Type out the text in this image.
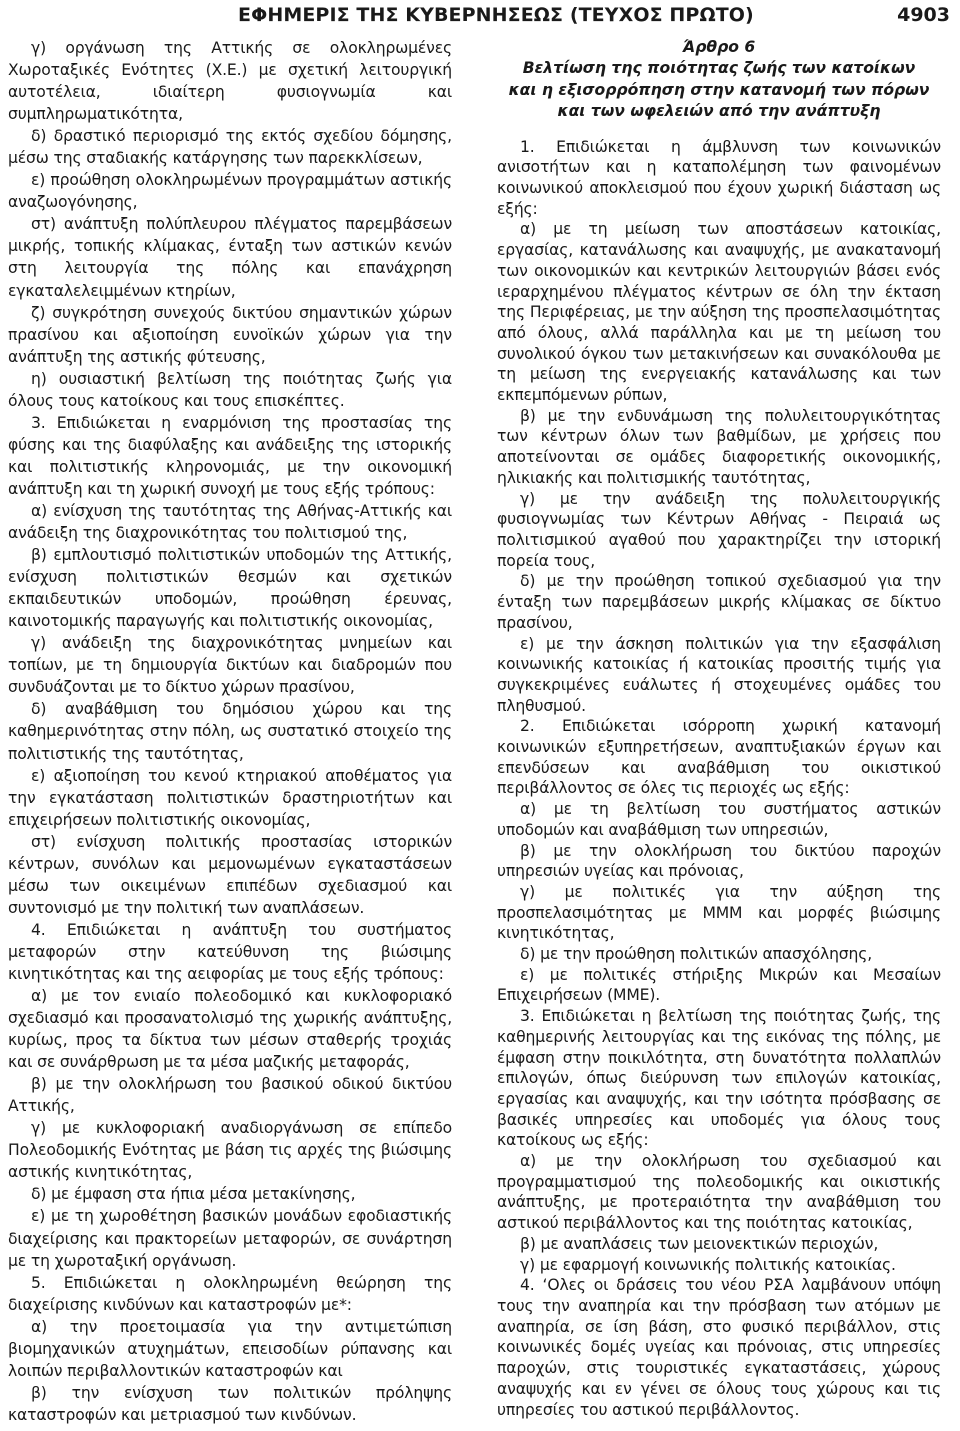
ΕΦΗΜΕΡΙΣ ΤΗΣ ΚΥΒΕΡΝΗΣΕΩΣ (ΤΕΥΧΟΣ ΠΡΩΤΟ)	4903

γ) οργάνωση της Αττικής σε ολοκληρωμένες Χωροταξικές Ενότητες (Χ.Ε.) με σχετική λειτουργική αυτοτέλεια, ιδιαίτερη φυσιογνωμία και συμπληρωματικότητα,

δ) δραστικό περιορισμό της εκτός σχεδίου δόμησης, μέσω της σταδιακής κατάργησης των παρεκκλίσεων,

ε) προώθηση ολοκληρωμένων προγραμμάτων αστικής αναζωογόνησης,

στ) ανάπτυξη πολύπλευρου πλέγματος παρεμβάσεων μικρής, τοπικής κλίμακας, ένταξη των αστικών κενών στη λειτουργία της πόλης και επανάχρηση εγκαταλελειμμένων κτηρίων,

ζ) συγκρότηση συνεχούς δικτύου σημαντικών χώρων πρασίνου και αξιοποίηση ευνοϊκών χώρων για την ανάπτυξη της αστικής φύτευσης,

η) ουσιαστική βελτίωση της ποιότητας ζωής για όλους τους κατοίκους και τους επισκέπτες.

3. Επιδιώκεται η εναρμόνιση της προστασίας της φύσης και της διαφύλαξης και ανάδειξης της ιστορικής και πολιτιστικής κληρονομιάς, με την οικονομική ανάπτυξη και τη χωρική συνοχή με τους εξής τρόπους:

α) ενίσχυση της ταυτότητας της Αθήνας-Αττικής και ανάδειξη της διαχρονικότητας του πολιτισμού της,

β) εμπλουτισμό πολιτιστικών υποδομών της Αττικής, ενίσχυση πολιτιστικών θεσμών και σχετικών εκπαιδευτικών υποδομών, προώθηση έρευνας, καινοτομικής παραγωγής και πολιτιστικής οικονομίας,

γ) ανάδειξη της διαχρονικότητας μνημείων και τοπίων, με τη δημιουργία δικτύων και διαδρομών που συνδυάζονται με το δίκτυο χώρων πρασίνου,

δ) αναβάθμιση του δημόσιου χώρου και της καθημερινότητας στην πόλη, ως συστατικό στοιχείο της πολιτιστικής της ταυτότητας,

ε) αξιοποίηση του κενού κτηριακού αποθέματος για την εγκατάσταση πολιτιστικών δραστηριοτήτων και επιχειρήσεων πολιτιστικής οικονομίας,

στ) ενίσχυση πολιτικής προστασίας ιστορικών κέντρων, συνόλων και μεμονωμένων εγκαταστάσεων μέσω των οικειμένων επιπέδων σχεδιασμού και συντονισμό με την πολιτική των αναπλάσεων.

4. Επιδιώκεται η ανάπτυξη του συστήματος μεταφορών στην κατεύθυνση της βιώσιμης κινητικότητας και της αειφορίας με τους εξής τρόπους:

α) με τον ενιαίο πολεοδομικό και κυκλοφοριακό σχεδιασμό και προσανατολισμό της χωρικής ανάπτυξης, κυρίως, προς τα δίκτυα των μέσων σταθερής τροχιάς και σε συνάρθρωση με τα μέσα μαζικής μεταφοράς,

β) με την ολοκλήρωση του βασικού οδικού δικτύου Αττικής,

γ) με κυκλοφοριακή αναδιοργάνωση σε επίπεδο Πολεοδομικής Ενότητας με βάση τις αρχές της βιώσιμης αστικής κινητικότητας,

δ) με έμφαση στα ήπια μέσα μετακίνησης,

ε) με τη χωροθέτηση βασικών μονάδων εφοδιαστικής διαχείρισης και πρακτορείων μεταφορών, σε συνάρτηση με τη χωροταξική οργάνωση.

5. Επιδιώκεται η ολοκληρωμένη θεώρηση της διαχείρισης κινδύνων και καταστροφών με*:

α) την προετοιμασία για την αντιμετώπιση βιομηχανικών ατυχημάτων, επεισοδίων ρύπανσης και λοιπών περιβαλλοντικών καταστροφών και

β) την ενίσχυση των πολιτικών πρόληψης καταστροφών και μετριασμού των κινδύνων.

Άρθρο 6
Βελτίωση της ποιότητας ζωής των κατοίκων
και η εξισορρόπηση στην κατανομή των πόρων
και των ωφελειών από την ανάπτυξη

1. Επιδιώκεται η άμβλυνση των κοινωνικών ανισοτήτων και η καταπολέμηση των φαινομένων κοινωνικού αποκλεισμού που έχουν χωρική διάσταση ως εξής:

α) με τη μείωση των αποστάσεων κατοικίας, εργασίας, κατανάλωσης και αναψυχής, με ανακατανομή των οικονομικών και κεντρικών λειτουργιών βάσει ενός ιεραρχημένου πλέγματος κέντρων σε όλη την έκταση της Περιφέρειας, με την αύξηση της προσπελασιμότητας από όλους, αλλά παράλληλα και με τη μείωση του συνολικού όγκου των μετακινήσεων και συνακόλουθα με τη μείωση της ενεργειακής κατανάλωσης και των εκπεμπόμενων ρύπων,

β) με την ενδυνάμωση της πολυλειτουργικότητας των κέντρων όλων των βαθμίδων, με χρήσεις που αποτείνονται σε ομάδες διαφορετικής οικονομικής, ηλικιακής και πολιτισμικής ταυτότητας,

γ) με την ανάδειξη της πολυλειτουργικής φυσιογνωμίας των Κέντρων Αθήνας - Πειραιά ως πολιτισμικού αγαθού που χαρακτηρίζει την ιστορική πορεία τους,

δ) με την προώθηση τοπικού σχεδιασμού για την ένταξη των παρεμβάσεων μικρής κλίμακας σε δίκτυο πρασίνου,

ε) με την άσκηση πολιτικών για την εξασφάλιση κοινωνικής κατοικίας ή κατοικίας προσιτής τιμής για συγκεκριμένες ευάλωτες ή στοχευμένες ομάδες του πληθυσμού.

2. Επιδιώκεται ισόρροπη χωρική κατανομή κοινωνικών εξυπηρετήσεων, αναπτυξιακών έργων και επενδύσεων και αναβάθμιση του οικιστικού περιβάλλοντος σε όλες τις περιοχές ως εξής:

α) με τη βελτίωση του συστήματος αστικών υποδομών και αναβάθμιση των υπηρεσιών,

β) με την ολοκλήρωση του δικτύου παροχών υπηρεσιών υγείας και πρόνοιας,

γ) με πολιτικές για την αύξηση της προσπελασιμότητας με ΜΜΜ και μορφές βιώσιμης κινητικότητας,

δ) με την προώθηση πολιτικών απασχόλησης,

ε) με πολιτικές στήριξης Μικρών και Μεσαίων Επιχειρήσεων (ΜΜΕ).

3. Επιδιώκεται η βελτίωση της ποιότητας ζωής, της καθημερινής λειτουργίας και της εικόνας της πόλης, με έμφαση στην ποικιλότητα, στη δυνατότητα πολλαπλών επιλογών, όπως διεύρυνση των επιλογών κατοικίας, εργασίας και αναψυχής, και την ισότητα πρόσβασης σε βασικές υπηρεσίες και υποδομές για όλους τους κατοίκους ως εξής:

α) με την ολοκλήρωση του σχεδιασμού και προγραμματισμού της πολεοδομικής και οικιστικής ανάπτυξης, με προτεραιότητα την αναβάθμιση του αστικού περιβάλλοντος και της ποιότητας κατοικίας,

β) με αναπλάσεις των μειονεκτικών περιοχών,

γ) με εφαρμογή κοινωνικής πολιτικής κατοικίας.

4. ‘Ολες οι δράσεις του νέου ΡΣΑ λαμβάνουν υπόψη τους την αναπηρία και την πρόσβαση των ατόμων με αναπηρία, σε ίση βάση, στο φυσικό περιβάλλον, στις κοινωνικές δομές υγείας και πρόνοιας, στις υπηρεσίες παροχών, στις τουριστικές εγκαταστάσεις, χώρους αναψυχής και εν γένει σε όλους τους χώρους και τις υπηρεσίες του αστικού περιβάλλοντος.
